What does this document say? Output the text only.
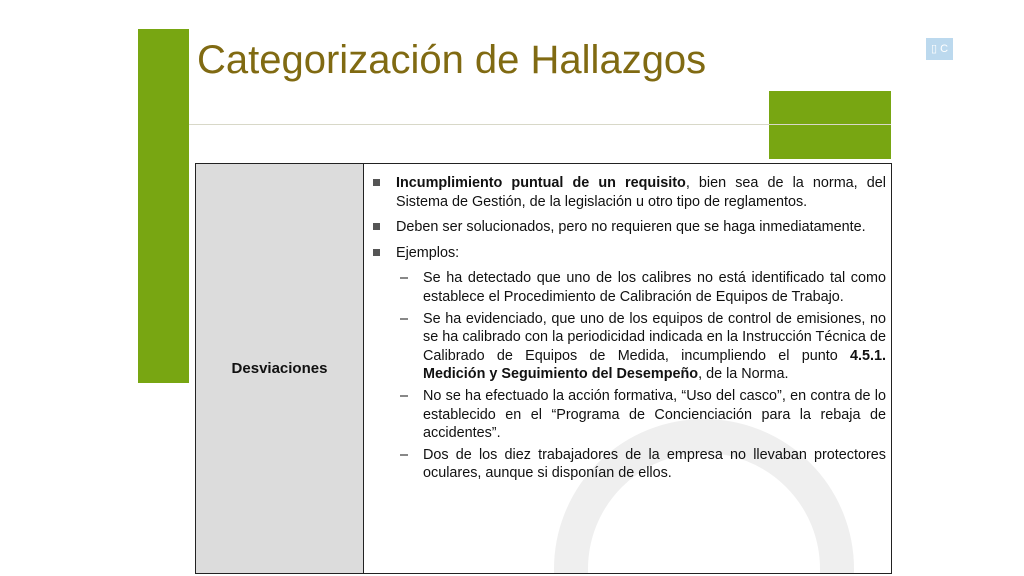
Categorización de Hallazgos	▯ C
Desviaciones
Incumplimiento puntual de un requisito, bien sea de la norma, del Sistema de Gestión, de la legislación u otro tipo de reglamentos.
Deben ser solucionados, pero no requieren que se haga inmediatamente.
Ejemplos:
– Se ha detectado que uno de los calibres no está identificado tal como establece el Procedimiento de Calibración de Equipos de Trabajo.
– Se ha evidenciado, que uno de los equipos de control de emisiones, no se ha calibrado con la periodicidad indicada en la Instrucción Técnica de Calibrado de Equipos de Medida, incumpliendo el punto 4.5.1. Medición y Seguimiento del Desempeño, de la Norma.
– No se ha efectuado la acción formativa, “Uso del casco”, en contra de lo establecido en el “Programa de Concienciación para la rebaja de accidentes”.
– Dos de los diez trabajadores de la empresa no llevaban protectores oculares, aunque si disponían de ellos.
